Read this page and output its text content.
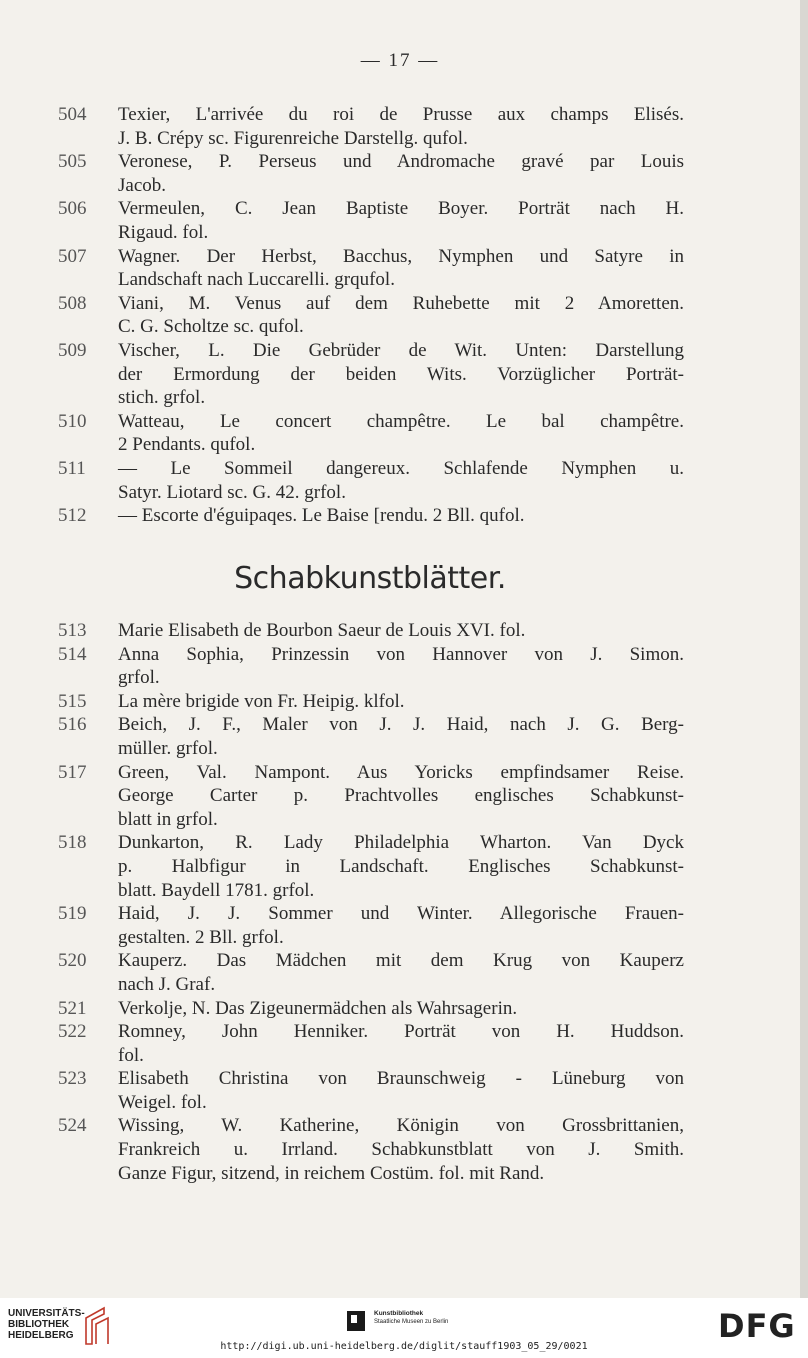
— 17 —
504	Texier, L'arrivée du roi de Prusse aux champs Elisés.
J. B. Crépy sc. Figurenreiche Darstellg. qufol.
505	Veronese, P. Perseus und Andromache gravé par Louis
Jacob.
506	Vermeulen, C. Jean Baptiste Boyer. Porträt nach H.
Rigaud. fol.
507	Wagner. Der Herbst, Bacchus, Nymphen und Satyre in
Landschaft nach Luccarelli. grqufol.
508	Viani, M. Venus auf dem Ruhebette mit 2 Amoretten.
C. G. Scholtze sc. qufol.
509	Vischer, L. Die Gebrüder de Wit. Unten: Darstellung
der Ermordung der beiden Wits. Vorzüglicher Porträt-
stich. grfol.
510	Watteau, Le concert champêtre. Le bal champêtre.
2 Pendants. qufol.
511	— Le Sommeil dangereux. Schlafende Nymphen u.
Satyr. Liotard sc. G. 42. grfol.
512	— Escorte d'éguipaqes. Le Baise [rendu. 2 Bll. qufol.
Schabkunstblätter.
513	Marie Elisabeth de Bourbon Saeur de Louis XVI. fol.
514	Anna Sophia, Prinzessin von Hannover von J. Simon.
grfol.
515	La mère brigide von Fr. Heipig. klfol.
516	Beich, J. F., Maler von J. J. Haid, nach J. G. Berg-
müller. grfol.
517	Green, Val. Nampont. Aus Yoricks empfindsamer Reise.
George Carter p. Prachtvolles englisches Schabkunst-
blatt in grfol.
518	Dunkarton, R. Lady Philadelphia Wharton. Van Dyck
p. Halbfigur in Landschaft. Englisches Schabkunst-
blatt. Baydell 1781. grfol.
519	Haid, J. J. Sommer und Winter. Allegorische Frauen-
gestalten. 2 Bll. grfol.
520	Kauperz. Das Mädchen mit dem Krug von Kauperz
nach J. Graf.
521	Verkolje, N. Das Zigeunermädchen als Wahrsagerin.
522	Romney, John Henniker. Porträt von H. Huddson.
fol.
523	Elisabeth Christina von Braunschweig - Lüneburg von
Weigel. fol.
524	Wissing, W. Katherine, Königin von Grossbrittanien,
Frankreich u. Irrland. Schabkunstblatt von J. Smith.
Ganze Figur, sitzend, in reichem Costüm. fol. mit Rand.
UNIVERSITÄTS-
BIBLIOTHEK
HEIDELBERG
Kunstbibliothek
Staatliche Museen zu Berlin
http://digi.ub.uni-heidelberg.de/diglit/stauff1903_05_29/0021
DFG
